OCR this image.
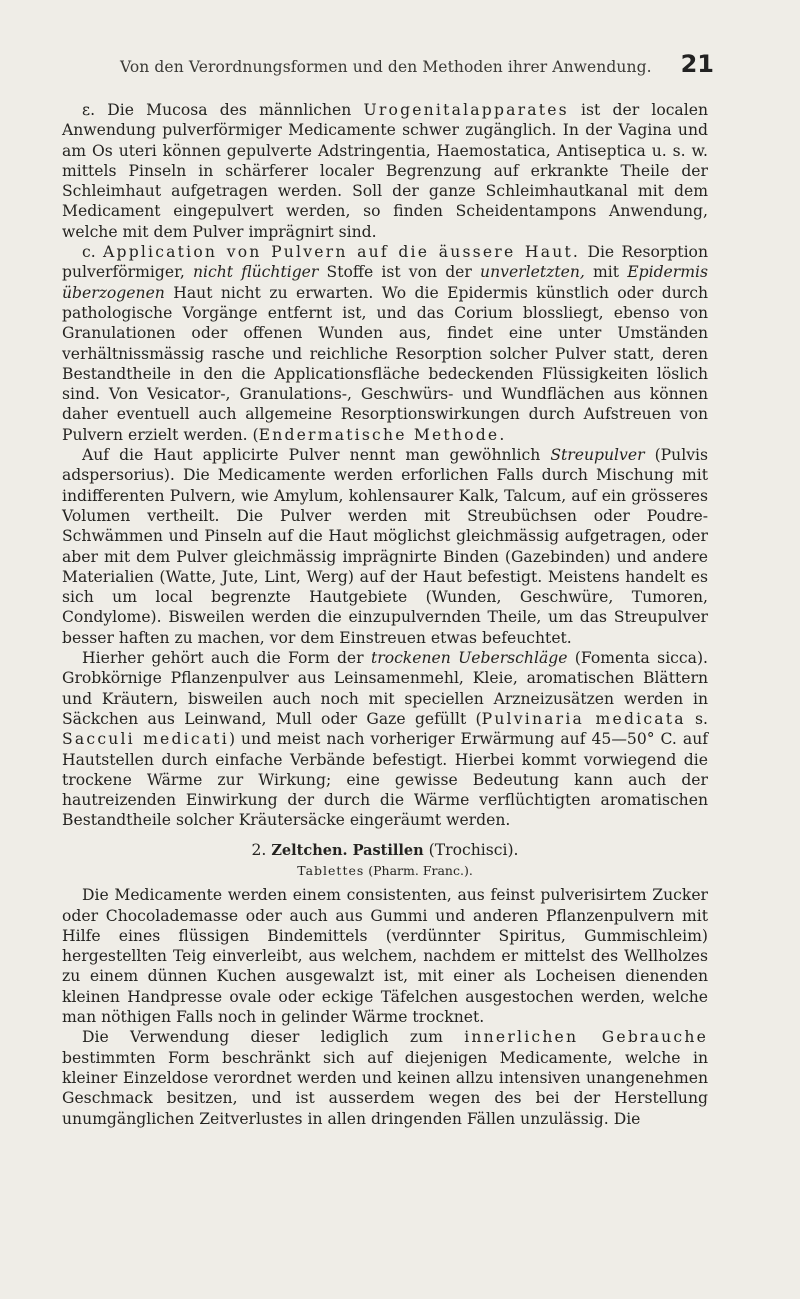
Von den Verordnungsformen und den Methoden ihrer Anwendung. 21

ε. Die Mucosa des männlichen Urogenitalapparates ist der localen Anwendung pulverförmiger Medicamente schwer zugänglich. In der Vagina und am Os uteri können gepulverte Adstringentia, Haemostatica, Antiseptica u. s. w. mittels Pinseln in schärferer localer Begrenzung auf erkrankte Theile der Schleimhaut aufgetragen werden. Soll der ganze Schleimhautkanal mit dem Medicament eingepulvert werden, so finden Scheidentampons Anwendung, welche mit dem Pulver imprägnirt sind.

c. Application von Pulvern auf die äussere Haut. Die Resorption pulverförmiger, nicht flüchtiger Stoffe ist von der unverletzten, mit Epidermis überzogenen Haut nicht zu erwarten. Wo die Epidermis künstlich oder durch pathologische Vorgänge entfernt ist, und das Corium blossliegt, ebenso von Granulationen oder offenen Wunden aus, findet eine unter Umständen verhältnissmässig rasche und reichliche Resorption solcher Pulver statt, deren Bestandtheile in den die Applicationsfläche bedeckenden Flüssigkeiten löslich sind. Von Vesicator-, Granulations-, Geschwürs- und Wundflächen aus können daher eventuell auch allgemeine Resorptionswirkungen durch Aufstreuen von Pulvern erzielt werden. (Endermatische Methode.

Auf die Haut applicirte Pulver nennt man gewöhnlich Streupulver (Pulvis adspersorius). Die Medicamente werden erforlichen Falls durch Mischung mit indifferenten Pulvern, wie Amylum, kohlensaurer Kalk, Talcum, auf ein grösseres Volumen vertheilt. Die Pulver werden mit Streubüchsen oder Poudre-Schwämmen und Pinseln auf die Haut möglichst gleichmässig aufgetragen, oder aber mit dem Pulver gleichmässig imprägnirte Binden (Gazebinden) und andere Materialien (Watte, Jute, Lint, Werg) auf der Haut befestigt. Meistens handelt es sich um local begrenzte Hautgebiete (Wunden, Geschwüre, Tumoren, Condylome). Bisweilen werden die einzupulvernden Theile, um das Streupulver besser haften zu machen, vor dem Einstreuen etwas befeuchtet.

Hierher gehört auch die Form der trockenen Ueberschläge (Fomenta sicca). Grobkörnige Pflanzenpulver aus Leinsamenmehl, Kleie, aromatischen Blättern und Kräutern, bisweilen auch noch mit speciellen Arzneizusätzen werden in Säckchen aus Leinwand, Mull oder Gaze gefüllt (Pulvinaria medicata s. Sacculi medicati) und meist nach vorheriger Erwärmung auf 45—50° C. auf Hautstellen durch einfache Verbände befestigt. Hierbei kommt vorwiegend die trockene Wärme zur Wirkung; eine gewisse Bedeutung kann auch der hautreizenden Einwirkung der durch die Wärme verflüchtigten aromatischen Bestandtheile solcher Kräutersäcke eingeräumt werden.

2. Zeltchen. Pastillen (Trochisci).
Tablettes (Pharm. Franc.).

Die Medicamente werden einem consistenten, aus feinst pulverisirtem Zucker oder Chocolademasse oder auch aus Gummi und anderen Pflanzenpulvern mit Hilfe eines flüssigen Bindemittels (verdünnter Spiritus, Gummischleim) hergestellten Teig einverleibt, aus welchem, nachdem er mittelst des Wellholzes zu einem dünnen Kuchen ausgewalzt ist, mit einer als Locheisen dienenden kleinen Handpresse ovale oder eckige Täfelchen ausgestochen werden, welche man nöthigen Falls noch in gelinder Wärme trocknet.

Die Verwendung dieser lediglich zum innerlichen Gebrauche bestimmten Form beschränkt sich auf diejenigen Medicamente, welche in kleiner Einzeldose verordnet werden und keinen allzu intensiven unangenehmen Geschmack besitzen, und ist ausserdem wegen des bei der Herstellung unumgänglichen Zeitverlustes in allen dringenden Fällen unzulässig. Die
